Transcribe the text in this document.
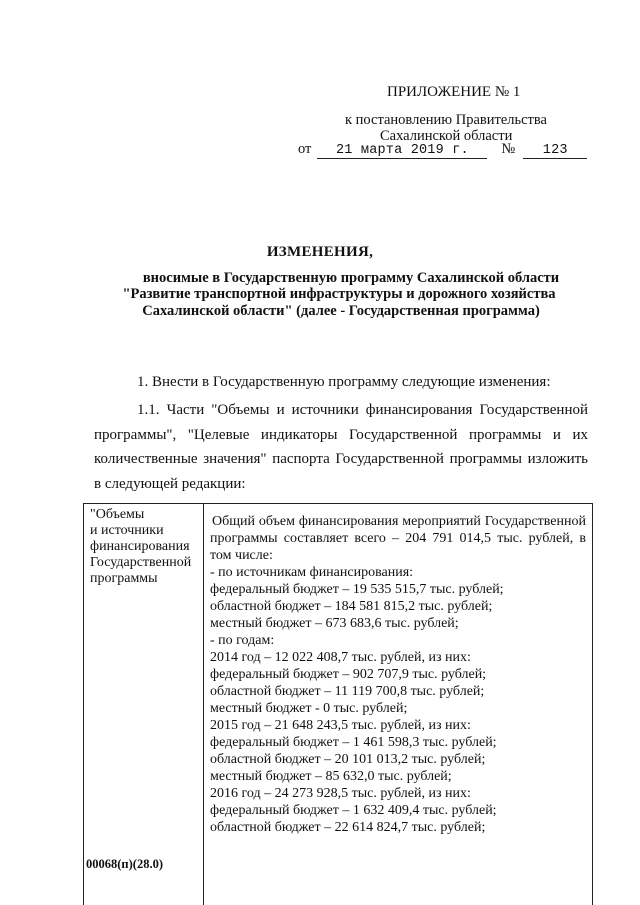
ПРИЛОЖЕНИЕ № 1
к постановлению Правительства
Сахалинской области
от 21 марта 2019 г. № 123
ИЗМЕНЕНИЯ,
вносимые в Государственную программу Сахалинской области
"Развитие транспортной инфраструктуры и дорожного хозяйства
Сахалинской области" (далее - Государственная программа)
1. Внести в Государственную программу следующие изменения:
1.1. Части "Объемы и источники финансирования Государственной программы", "Целевые индикаторы Государственной программы и их количественные значения" паспорта Государственной программы изложить в следующей редакции:
"Объемы
и источники
финансирования
Государственной
программы
Общий объем финансирования мероприятий Государственной программы составляет всего – 204 791 014,5 тыс. рублей, в том числе:
- по источникам финансирования:
федеральный бюджет – 19 535 515,7 тыс. рублей;
областной бюджет – 184 581 815,2 тыс. рублей;
местный бюджет – 673 683,6 тыс. рублей;
- по годам:
2014 год – 12 022 408,7 тыс. рублей, из них:
федеральный бюджет – 902 707,9 тыс. рублей;
областной бюджет – 11 119 700,8 тыс. рублей;
местный бюджет - 0 тыс. рублей;
2015 год – 21 648 243,5 тыс. рублей, из них:
федеральный бюджет – 1 461 598,3 тыс. рублей;
областной бюджет – 20 101 013,2 тыс. рублей;
местный бюджет – 85 632,0 тыс. рублей;
2016 год – 24 273 928,5 тыс. рублей, из них:
федеральный бюджет – 1 632 409,4 тыс. рублей;
областной бюджет – 22 614 824,7 тыс. рублей;
00068(п)(28.0)
